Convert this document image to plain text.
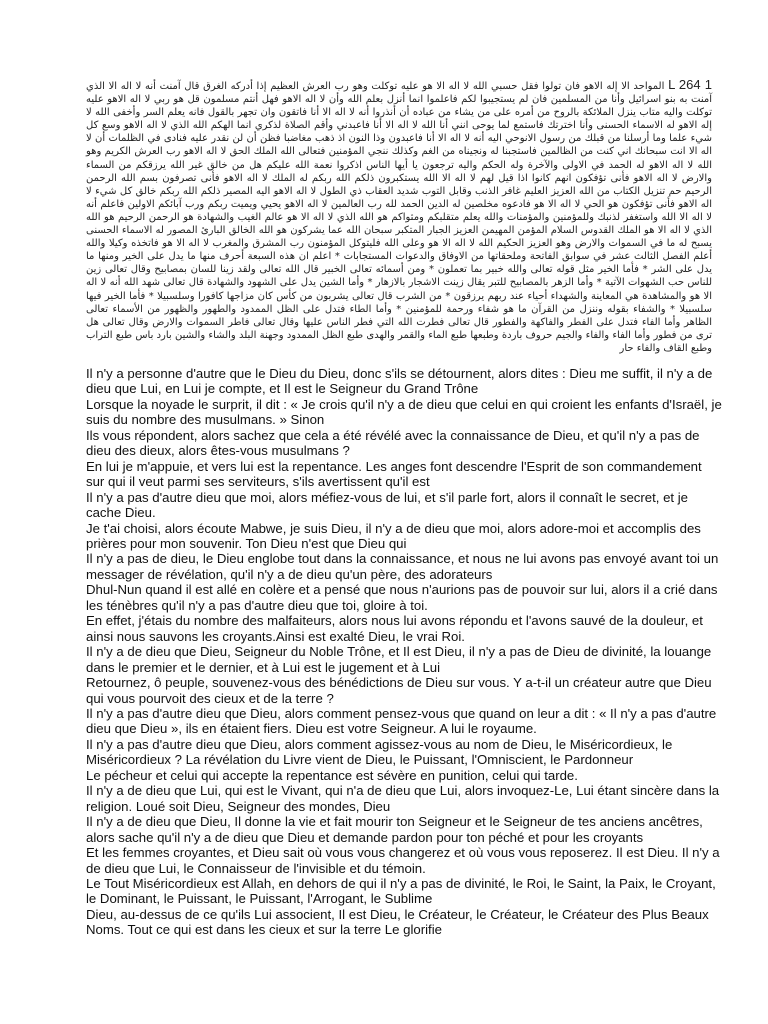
L 264 1 المواحد الا إله الاهو فان تولوا فقل حسبي الله لا اله الا هو عليه توكلت وهو رب العرش العظيم إذا أدركه الغرق قال آمنت أنه لا اله الا الذي آمنت به بنو اسرائيل وأنا من المسلمين فان لم يستجيبوا لكم فاعلموا انما أنزل بعلم الله وأن لا اله الاهو فهل أنتم مسلمون قل هو ربي لا اله الاهو عليه توكلت واليه متاب ينزل الملائكة بالروح من أمره على من يشاء من عباده أن أنذروا أنه لا اله الا أنا فاتقون وان تجهر بالقول فانه يعلم السر وأخفى الله لا إله الاهو له الاسماء الحسنى وأنا اخترتك فاستمع لما يوحى انني أنا الله لا اله الا أنا فاعبدني وأقم الصلاة لذكري انما الهكم الله الذي لا اله الاهو وسع كل شيء علما وما أرسلنا من قبلك من رسول الانوحي اليه أنه لا اله الا أنا فاعبدون وذا النون اذ ذهب مغاضبا فظن أن لن نقدر عليه فنادى في الظلمات أن لا اله الا انت سبحانك اني كنت من الظالمين فاستجبنا له ونجيناه من الغم وكذلك ننجي المؤمنين فتعالى الله الملك الحق لا اله الاهو رب العرش الكريم وهو الله لا اله الاهو له الحمد في الاولى والآخرة وله الحكم واليه ترجعون يا أيها الناس اذكروا نعمة الله عليكم هل من خالق غير الله يرزقكم من السماء والارض لا اله الاهو فأنى تؤفكون انهم كانوا اذا قيل لهم لا اله الا الله يستكبرون ذلكم الله ربكم له الملك لا اله الاهو فأنى تصرفون بسم الله الرحمن الرحيم حم تنزيل الكتاب من الله العزيز العليم غافر الذنب وقابل التوب شديد العقاب ذي الطول لا اله الاهو اليه المصير ذلكم الله ربكم خالق كل شيء لا اله الاهو فأنى تؤفكون هو الحي لا اله الا هو فادعوه مخلصين له الدين الحمد لله رب العالمين لا اله الاهو يحيي ويميت ربكم ورب آبائكم الاولين فاعلم أنه لا اله الا الله واستغفر لذنبك وللمؤمنين والمؤمنات والله يعلم متقلبكم ومثواكم هو الله الذي لا اله الا هو عالم الغيب والشهادة هو الرحمن الرحيم هو الله الذي لا اله الا هو الملك القدوس السلام المؤمن المهيمن العزيز الجبار المتكبر سبحان الله عما يشركون هو الله الخالق البارئ المصور له الاسماء الحسنى يسبح له ما في السموات والارض وهو العزيز الحكيم الله لا اله الا هو وعلى الله فليتوكل المؤمنون رب المشرق والمغرب لا اله الا هو فاتخذه وكيلا والله أعلم الفصل الثالث عشر في سوابق الفاتحة وملحقاتها من الاوفاق والدعوات المستجابات * اعلم ان هذه السبعة أحرف منها ما يدل على الخير ومنها ما يدل على الشر * فأما الخير مثل قوله تعالى والله خبير بما تعملون * ومن أسمائه تعالى الخبير قال الله تعالى ولقد زينا للسان بمصابيح وقال تعالى زين للناس حب الشهوات الآتية * وأما الزهر بالمصابيح للتبر يقال زينت الاشجار بالازهار * وأما الشين يدل على الشهود والشهادة قال تعالى شهد الله أنه لا اله الا هو والمشاهدة هي المعاينة والشهداء أحياء عند ربهم يرزقون * من الشرب قال تعالى يشربون من كأس كان مزاجها كافورا وسلسبيلا * فأما الخير فيها سلسبيلا * والشفاء بقوله وننزل من القرآن ما هو شفاء ورحمة للمؤمنين * وأما الطاء فتدل على الظل الممدود والطهور والظهور من الأسماء تعالى الظاهر وأما الفاء فتدل على الفطر والفاكهة والفطور قال تعالى فطرت الله التي فطر الناس عليها وقال تعالى فاطر السموات والارض وقال تعالى هل ترى من فطور وأما الفاء والفاء والجيم حروف باردة وطبعها طبع الماء والقمر والهدى طبع الظل الممدود وجهنة البلد والشاء والشين بارد باس طبع التراب وطبع القاف والفاء حار

Il n'y a personne d'autre que le Dieu du Dieu, donc s'ils se détournent, alors dites : Dieu me suffit, il n'y a de dieu que Lui, en Lui je compte, et Il est le Seigneur du Grand Trône

Lorsque la noyade le surprit, il dit : « Je crois qu'il n'y a de dieu que celui en qui croient les enfants d'Israël, je suis du nombre des musulmans. » Sinon

Ils vous répondent, alors sachez que cela a été révélé avec la connaissance de Dieu, et qu'il n'y a pas de dieu des dieux, alors êtes-vous musulmans ?

En lui je m'appuie, et vers lui est la repentance. Les anges font descendre l'Esprit de son commandement sur qui il veut parmi ses serviteurs, s'ils avertissent qu'il est

Il n'y a pas d'autre dieu que moi, alors méfiez-vous de lui, et s'il parle fort, alors il connaît le secret, et je cache Dieu.

Je t'ai choisi, alors écoute Mabwe, je suis Dieu, il n'y a de dieu que moi, alors adore-moi et accomplis des prières pour mon souvenir. Ton Dieu n'est que Dieu qui

Il n'y a pas de dieu, le Dieu englobe tout dans la connaissance, et nous ne lui avons pas envoyé avant toi un messager de révélation, qu'il n'y a de dieu qu'un père, des adorateurs

Dhul-Nun quand il est allé en colère et a pensé que nous n'aurions pas de pouvoir sur lui, alors il a crié dans les ténèbres qu'il n'y a pas d'autre dieu que toi, gloire à toi.

En effet, j'étais du nombre des malfaiteurs, alors nous lui avons répondu et l'avons sauvé de la douleur, et ainsi nous sauvons les croyants.Ainsi est exalté Dieu, le vrai Roi.

Il n'y a de dieu que Dieu, Seigneur du Noble Trône, et Il est Dieu, il n'y a pas de Dieu de divinité, la louange dans le premier et le dernier, et à Lui est le jugement et à Lui

Retournez, ô peuple, souvenez-vous des bénédictions de Dieu sur vous. Y a-t-il un créateur autre que Dieu qui vous pourvoit des cieux et de la terre ?

Il n'y a pas d'autre dieu que Dieu, alors comment pensez-vous que quand on leur a dit : « Il n'y a pas d'autre dieu que Dieu », ils en étaient fiers. Dieu est votre Seigneur. A lui le royaume.

Il n'y a pas d'autre dieu que Dieu, alors comment agissez-vous au nom de Dieu, le Miséricordieux, le Miséricordieux ? La révélation du Livre vient de Dieu, le Puissant, l'Omniscient, le Pardonneur

Le pécheur et celui qui accepte la repentance est sévère en punition, celui qui tarde.

Il n'y a de dieu que Lui, qui est le Vivant, qui n'a de dieu que Lui, alors invoquez-Le, Lui étant sincère dans la religion. Loué soit Dieu, Seigneur des mondes, Dieu

Il n'y a de dieu que Dieu, Il donne la vie et fait mourir ton Seigneur et le Seigneur de tes anciens ancêtres, alors sache qu'il n'y a de dieu que Dieu et demande pardon pour ton péché et pour les croyants

Et les femmes croyantes, et Dieu sait où vous vous changerez et où vous vous reposerez. Il est Dieu. Il n'y a de dieu que Lui, le Connaisseur de l'invisible et du témoin.

Le Tout Miséricordieux est Allah, en dehors de qui il n'y a pas de divinité, le Roi, le Saint, la Paix, le Croyant, le Dominant, le Puissant, le Puissant, l'Arrogant, le Sublime

Dieu, au-dessus de ce qu'ils Lui associent, Il est Dieu, le Créateur, le Créateur, le Créateur des Plus Beaux Noms. Tout ce qui est dans les cieux et sur la terre Le glorifie
